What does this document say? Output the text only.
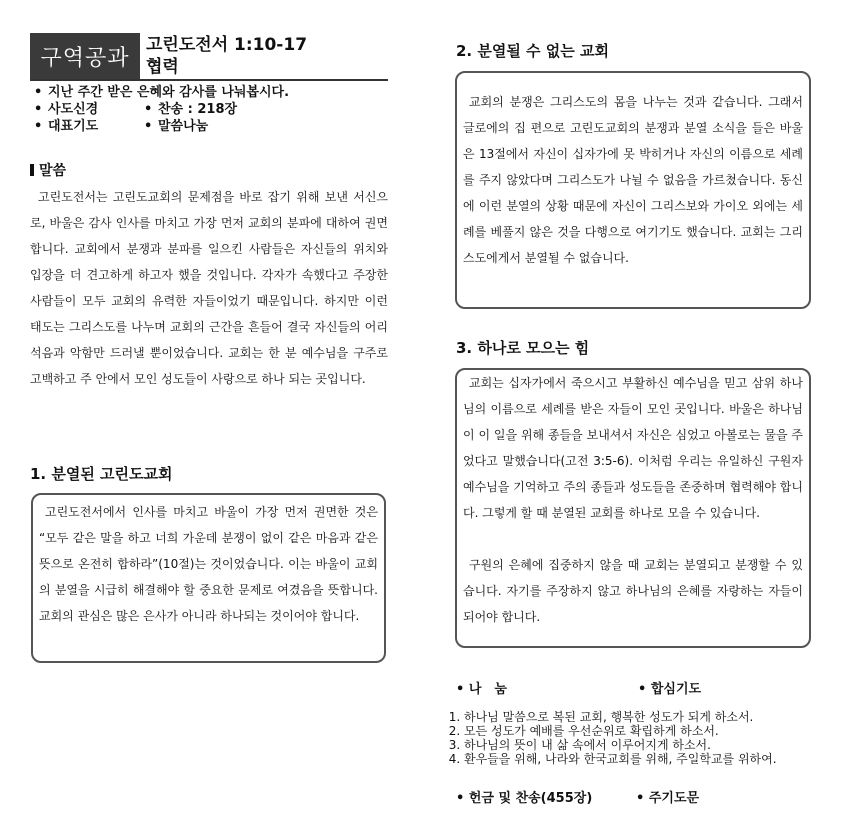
구역공과
고린도전서 1:10-17
협력
• 지난 주간 받은 은혜와 감사를 나눠봅시다.
• 사도신경	• 찬송 : 218장
• 대표기도	• 말씀나눔
말씀
고린도전서는 고린도교회의 문제점을 바로 잡기 위해 보낸 서신으로, 바울은 감사 인사를 마치고 가장 먼저 교회의 분파에 대하여 권면합니다. 교회에서 분쟁과 분파를 일으킨 사람들은 자신들의 위치와 입장을 더 견고하게 하고자 했을 것입니다. 각자가 속했다고 주장한 사람들이 모두 교회의 유력한 자들이었기 때문입니다. 하지만 이런 태도는 그리스도를 나누며 교회의 근간을 흔들어 결국 자신들의 어리석음과 악함만 드러낼 뿐이었습니다. 교회는 한 분 예수님을 구주로 고백하고 주 안에서 모인 성도들이 사랑으로 하나 되는 곳입니다.
1. 분열된 고린도교회
고린도전서에서 인사를 마치고 바울이 가장 먼저 권면한 것은 “모두 같은 말을 하고 너희 가운데 분쟁이 없이 같은 마음과 같은 뜻으로 온전히 합하라”(10절)는 것이었습니다. 이는 바울이 교회의 분열을 시급히 해결해야 할 중요한 문제로 여겼음을 뜻합니다. 교회의 관심은 많은 은사가 아니라 하나되는 것이어야 합니다.
2. 분열될 수 없는 교회
교회의 분쟁은 그리스도의 몸을 나누는 것과 같습니다. 그래서 글로에의 집 편으로 고린도교회의 분쟁과 분열 소식을 들은 바울은 13절에서 자신이 십자가에 못 박히거나 자신의 이름으로 세례를 주지 않았다며 그리스도가 나뉠 수 없음을 가르쳤습니다. 동신에 이런 분열의 상황 때문에 자신이 그리스보와 가이오 외에는 세례를 베풀지 않은 것을 다행으로 여기기도 했습니다. 교회는 그리스도에게서 분열될 수 없습니다.
3. 하나로 모으는 힘
교회는 십자가에서 죽으시고 부활하신 예수님을 믿고 삼위 하나님의 이름으로 세례를 받은 자들이 모인 곳입니다. 바울은 하나님이 이 일을 위해 종들을 보내셔서 자신은 심었고 아볼로는 물을 주었다고 말했습니다(고전 3:5-6). 이처럼 우리는 유일하신 구원자 예수님을 기억하고 주의 종들과 성도들을 존중하며 협력해야 합니다. 그렇게 할 때 분열된 교회를 하나로 모을 수 있습니다.
구원의 은혜에 집중하지 않을 때 교회는 분열되고 분쟁할 수 있습니다. 자기를 주장하지 않고 하나님의 은혜를 자랑하는 자들이 되어야 합니다.
• 나　눔	• 합심기도
1. 하나님 말씀으로 복된 교회, 행복한 성도가 되게 하소서.
2. 모든 성도가 예배를 우선순위로 확립하게 하소서.
3. 하나님의 뜻이 내 삶 속에서 이루어지게 하소서.
4. 환우들을 위해, 나라와 한국교회를 위해, 주일학교를 위하여.
• 헌금 및 찬송(455장)	• 주기도문
